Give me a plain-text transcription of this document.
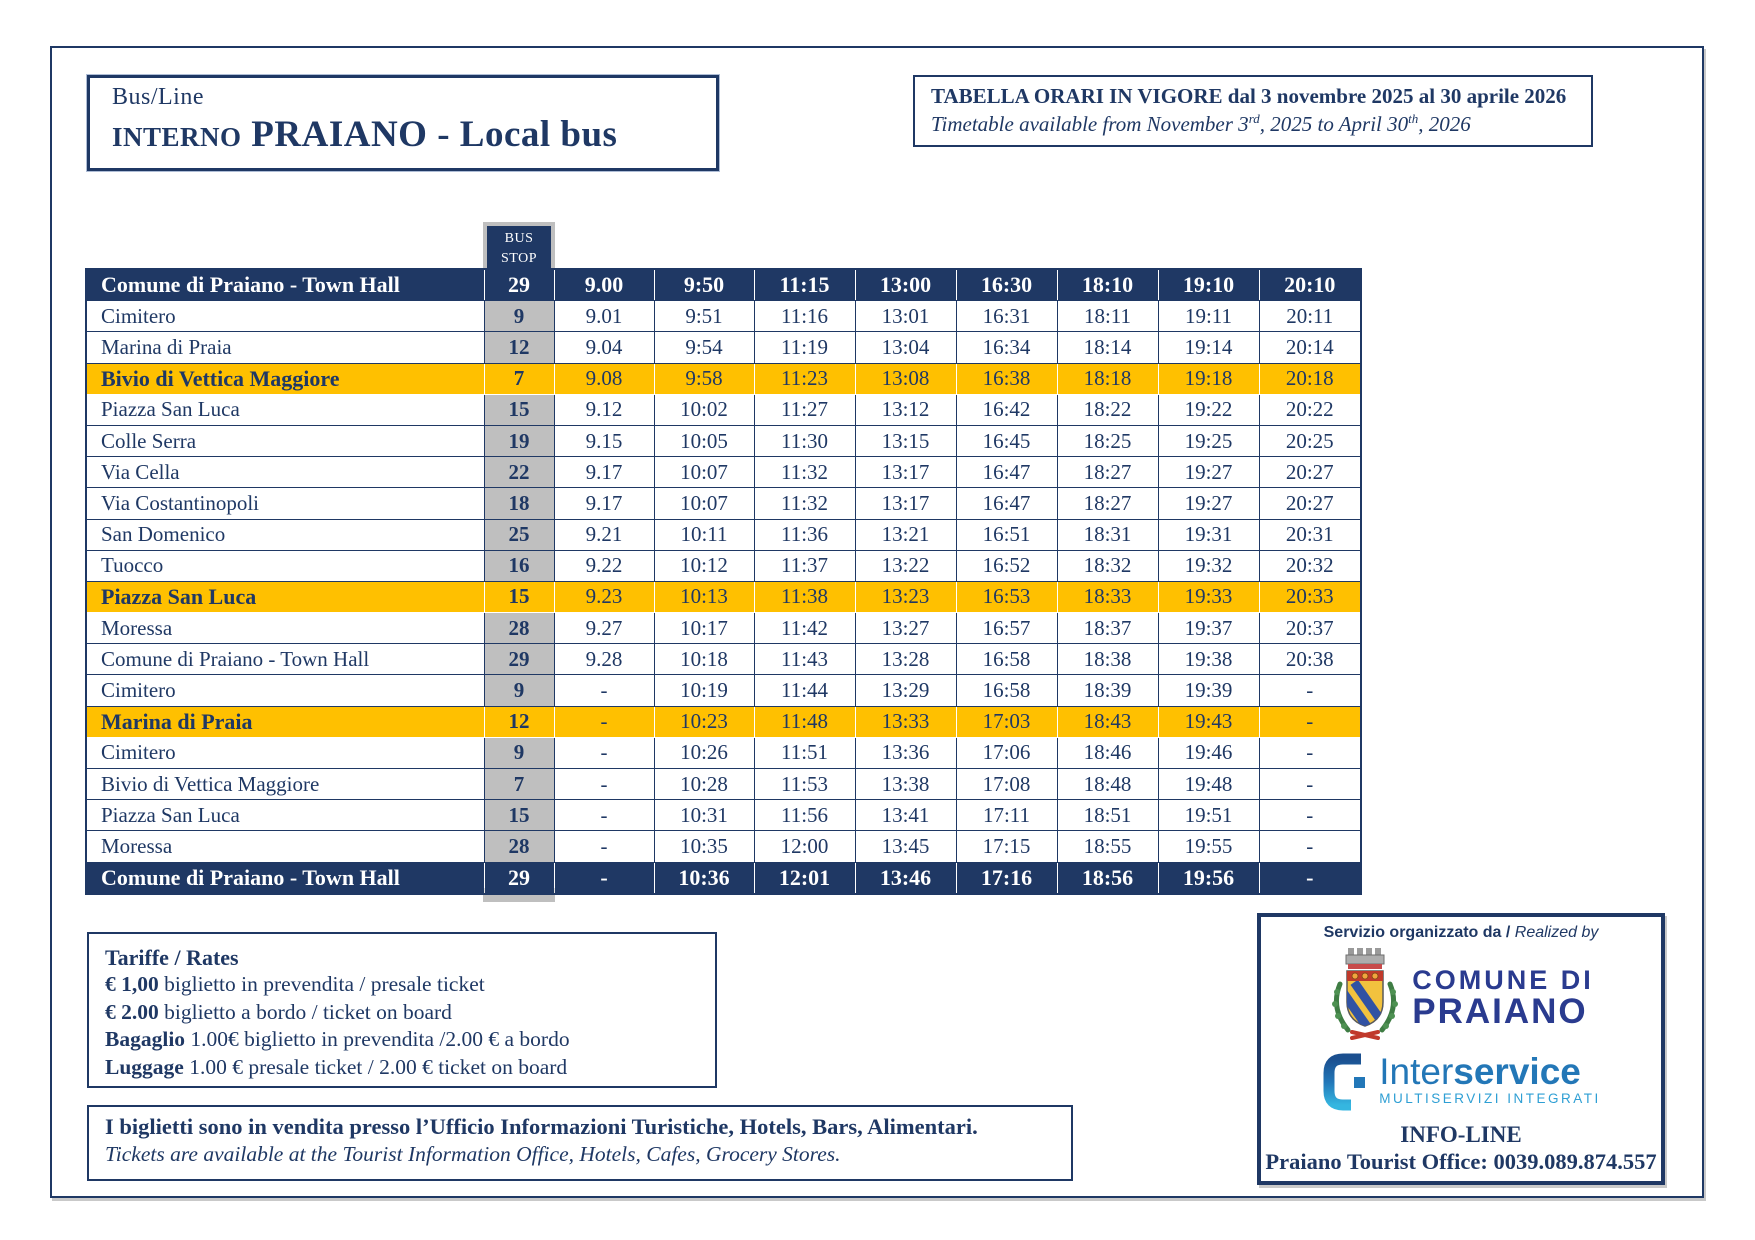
Bus/Line
INTERNO PRAIANO - Local bus
TABELLA ORARI IN VIGORE dal 3 novembre 2025 al 30 aprile 2026
Timetable available from November 3rd, 2025 to April 30th, 2026
BUS
STOP
Comune di Praiano - Town Hall	29	9.00	9:50	11:15	13:00	16:30	18:10	19:10	20:10
Cimitero	9	9.01	9:51	11:16	13:01	16:31	18:11	19:11	20:11
Marina di Praia	12	9.04	9:54	11:19	13:04	16:34	18:14	19:14	20:14
Bivio di Vettica Maggiore	7	9.08	9:58	11:23	13:08	16:38	18:18	19:18	20:18
Piazza San Luca	15	9.12	10:02	11:27	13:12	16:42	18:22	19:22	20:22
Colle Serra	19	9.15	10:05	11:30	13:15	16:45	18:25	19:25	20:25
Via Cella	22	9.17	10:07	11:32	13:17	16:47	18:27	19:27	20:27
Via Costantinopoli	18	9.17	10:07	11:32	13:17	16:47	18:27	19:27	20:27
San Domenico	25	9.21	10:11	11:36	13:21	16:51	18:31	19:31	20:31
Tuocco	16	9.22	10:12	11:37	13:22	16:52	18:32	19:32	20:32
Piazza San Luca	15	9.23	10:13	11:38	13:23	16:53	18:33	19:33	20:33
Moressa	28	9.27	10:17	11:42	13:27	16:57	18:37	19:37	20:37
Comune di Praiano - Town Hall	29	9.28	10:18	11:43	13:28	16:58	18:38	19:38	20:38
Cimitero	9	-	10:19	11:44	13:29	16:58	18:39	19:39	-
Marina di Praia	12	-	10:23	11:48	13:33	17:03	18:43	19:43	-
Cimitero	9	-	10:26	11:51	13:36	17:06	18:46	19:46	-
Bivio di Vettica Maggiore	7	-	10:28	11:53	13:38	17:08	18:48	19:48	-
Piazza San Luca	15	-	10:31	11:56	13:41	17:11	18:51	19:51	-
Moressa	28	-	10:35	12:00	13:45	17:15	18:55	19:55	-
Comune di Praiano - Town Hall	29	-	10:36	12:01	13:46	17:16	18:56	19:56	-
Tariffe / Rates
€ 1,00 biglietto in prevendita / presale ticket
€ 2.00 biglietto a bordo / ticket on board
Bagaglio 1.00€ biglietto in prevendita /2.00 € a bordo
Luggage 1.00 € presale ticket / 2.00 € ticket on board
I biglietti sono in vendita presso l’Ufficio Informazioni Turistiche, Hotels, Bars, Alimentari.
Tickets are available at the Tourist Information Office, Hotels, Cafes, Grocery Stores.
Servizio organizzato da / Realized by
COMUNE DI
PRAIANO
Interservice
MULTISERVIZI INTEGRATI
INFO-LINE
Praiano Tourist Office: 0039.089.874.557
